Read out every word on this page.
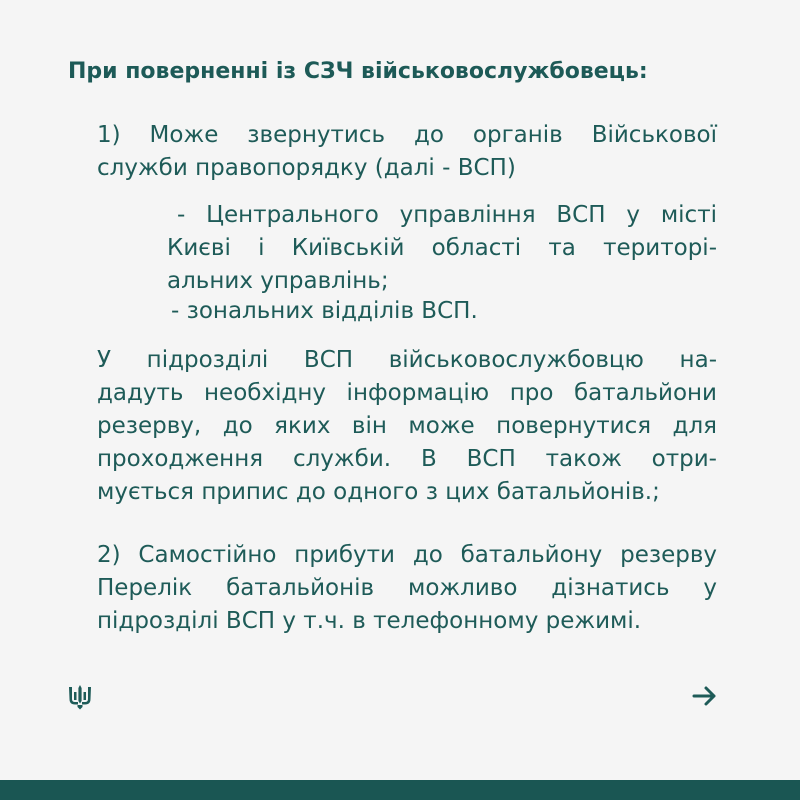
При поверненні із СЗЧ військовослужбовець:

1) Може звернутись до органів Військової
служби правопорядку (далі - ВСП)

- Центрального управління ВСП у місті
Києві і Київській області та територі-
альних управлінь;

- зональних відділів ВСП.

У підрозділі ВСП військовослужбовцю на-
дадуть необхідну інформацію про батальйони
резерву, до яких він може повернутися для
проходження служби. В ВСП також отри-
мується припис до одного з цих батальйонів.;

2) Самостійно прибути до батальйону резерву
Перелік батальйонів можливо дізнатись у
підрозділі ВСП у т.ч. в телефонному режимі.
